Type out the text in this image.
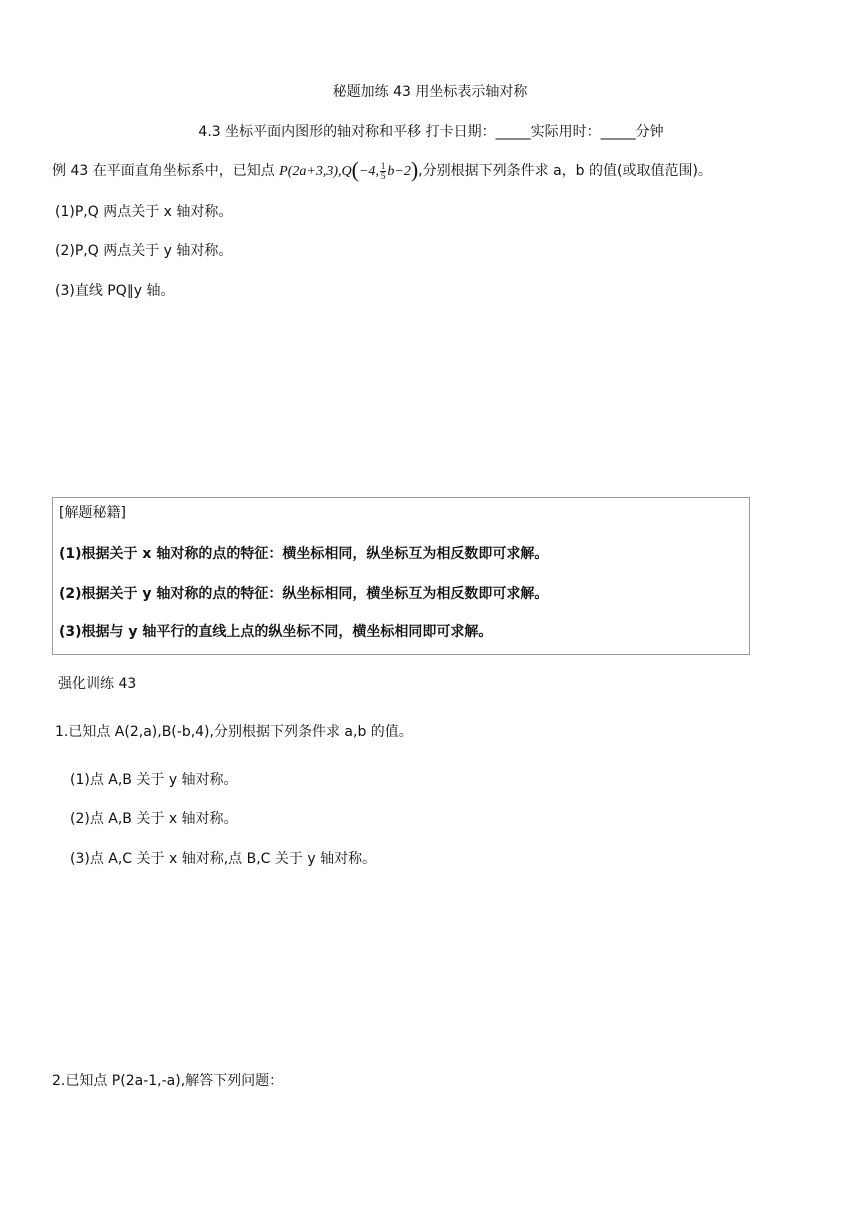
秘题加练 43 用坐标表示轴对称
4.3 坐标平面内图形的轴对称和平移 打卡日期：_____实际用时：_____分钟
例 43 在平面直角坐标系中，已知点 P(2a+3,3),Q(−4, $\frac{1}{5} b-2$),分别根据下列条件求 a，b 的值(或取值范围)。
(1)P,Q 两点关于 x 轴对称。
(2)P,Q 两点关于 y 轴对称。
(3)直线 PQ∥y 轴。
[解题秘籍]
(1)根据关于 x 轴对称的点的特征：横坐标相同，纵坐标互为相反数即可求解。
(2)根据关于 y 轴对称的点的特征：纵坐标相同，横坐标互为相反数即可求解。
(3)根据与 y 轴平行的直线上点的纵坐标不同，横坐标相同即可求解。
强化训练 43
1.已知点 A(2,a),B(-b,4),分别根据下列条件求 a,b 的值。
(1)点 A,B 关于 y 轴对称。
(2)点 A,B 关于 x 轴对称。
(3)点 A,C 关于 x 轴对称,点 B,C 关于 y 轴对称。
2.已知点 P(2a-1,-a),解答下列问题：
